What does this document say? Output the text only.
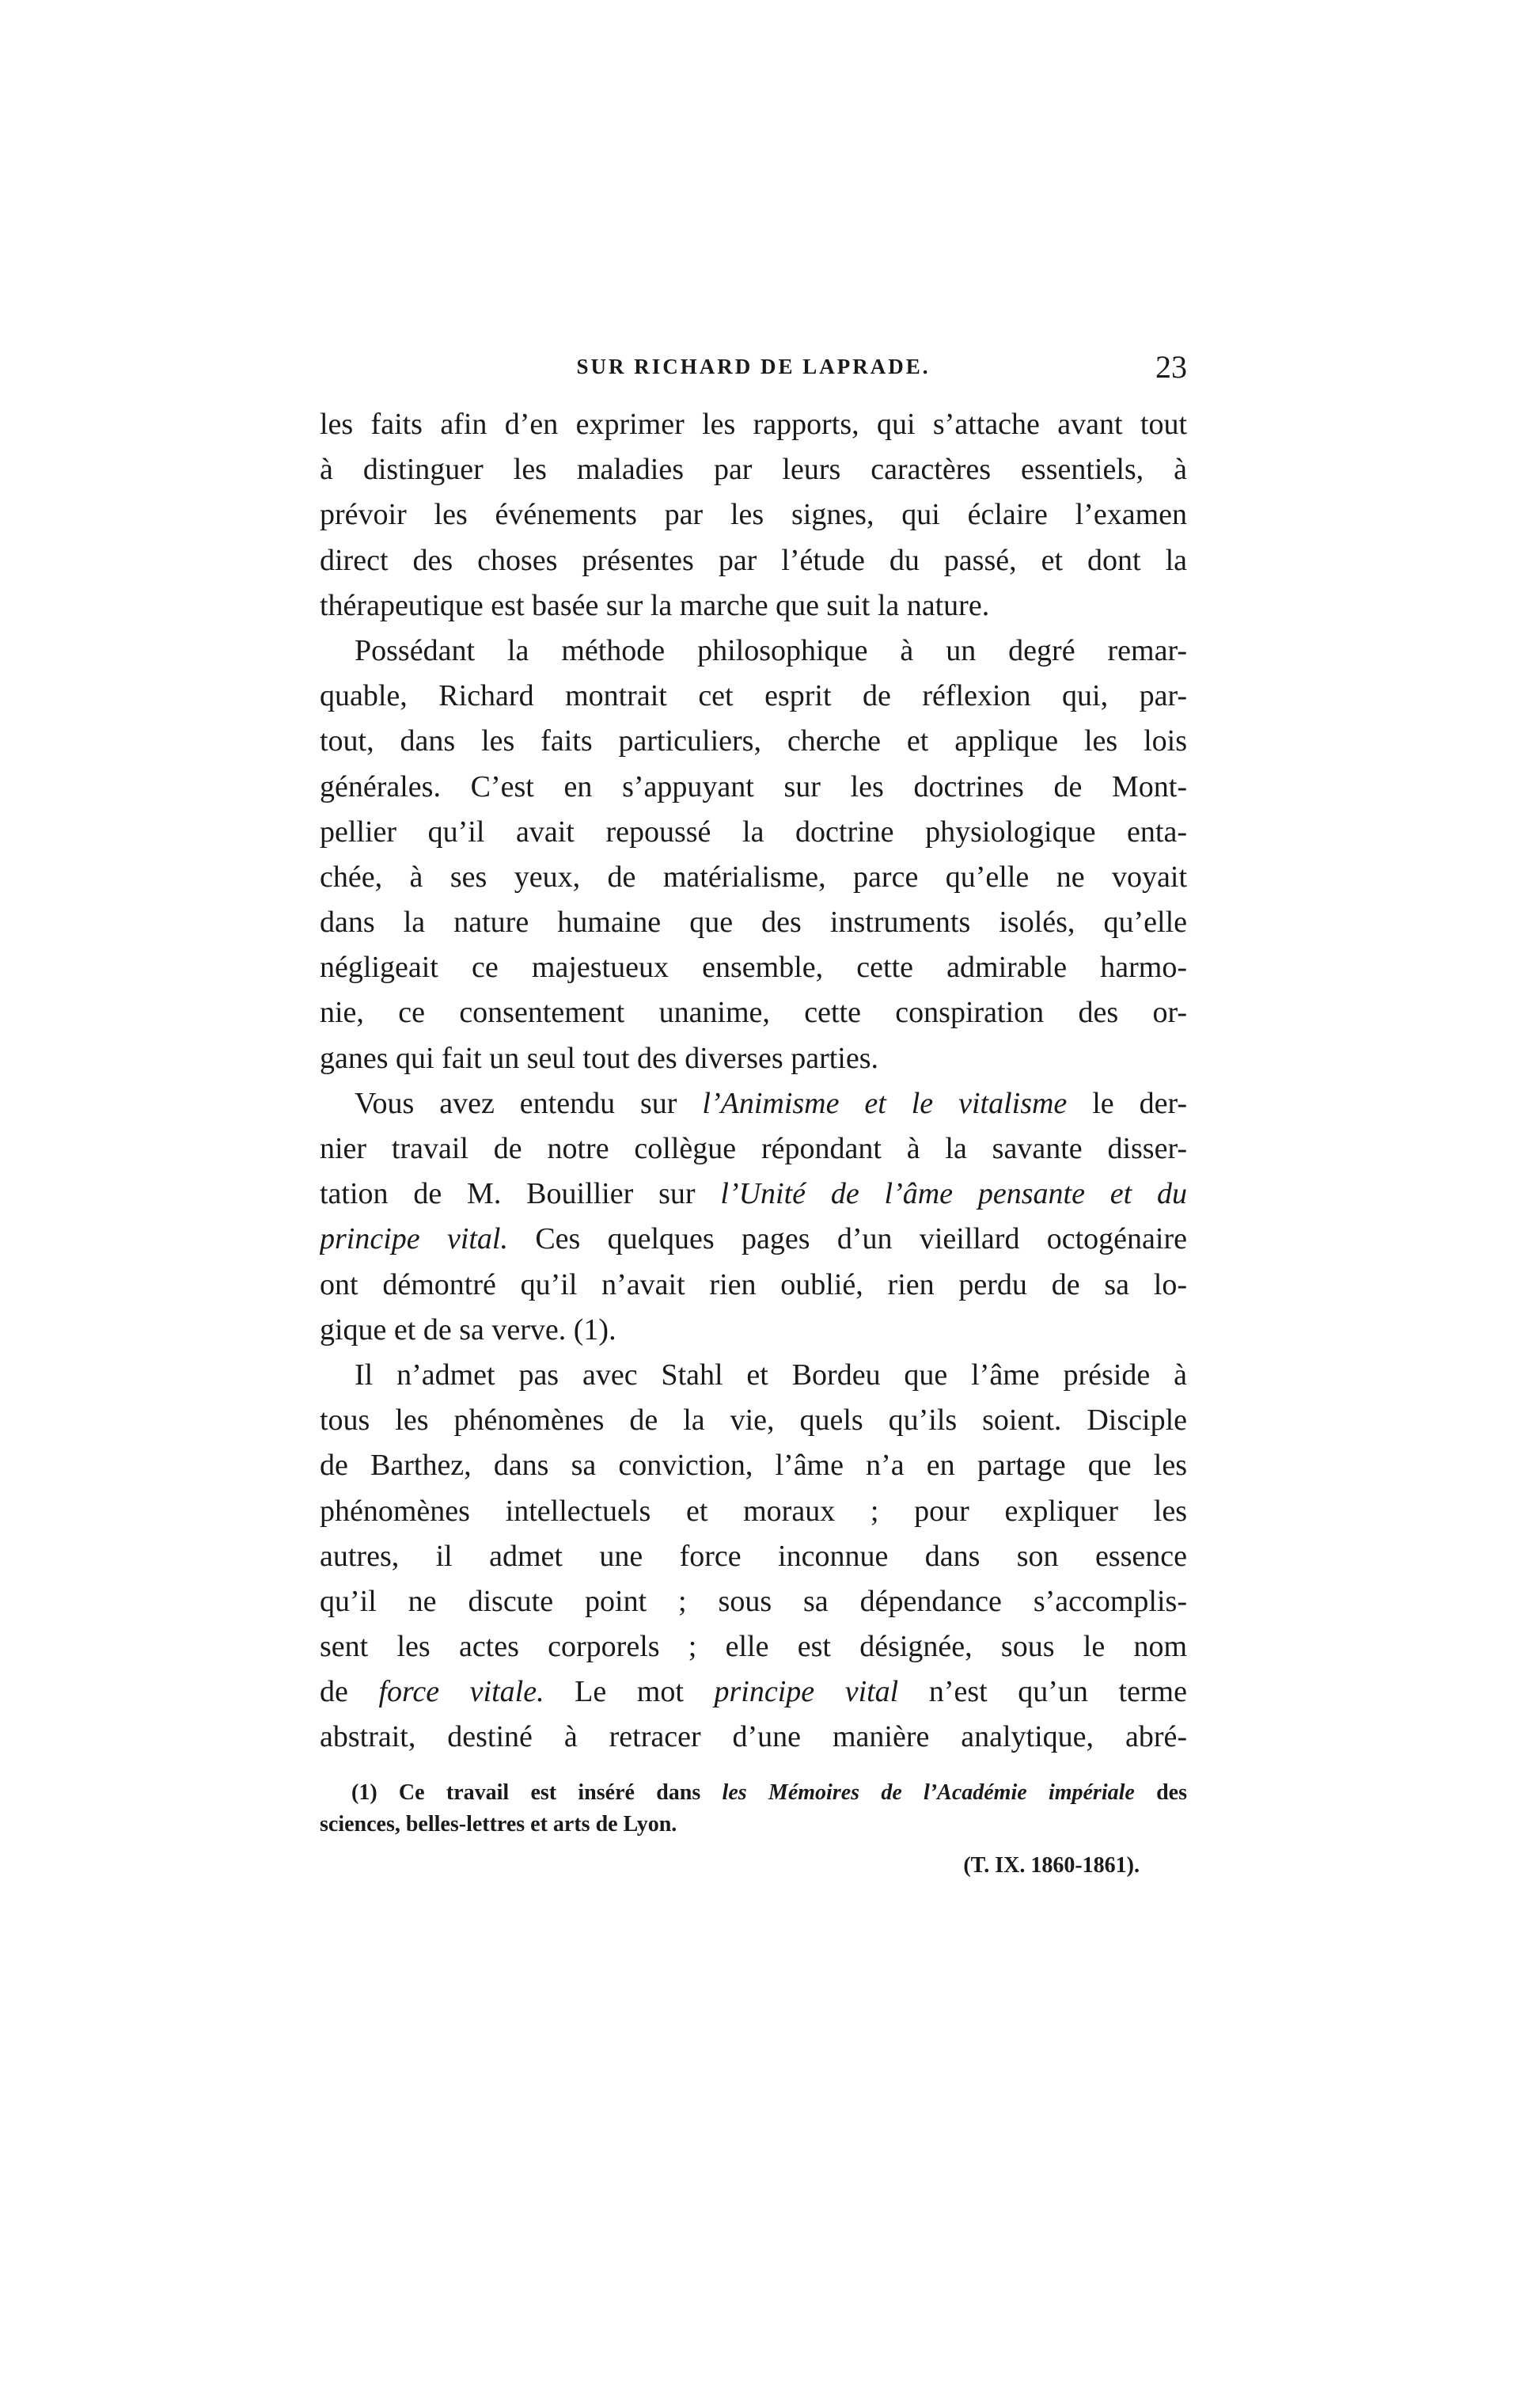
SUR RICHARD DE LAPRADE.	23
les faits afin d’en exprimer les rapports, qui s’attache avant tout
à distinguer les maladies par leurs caractères essentiels, à
prévoir les événements par les signes, qui éclaire l’examen
direct des choses présentes par l’étude du passé, et dont la
thérapeutique est basée sur la marche que suit la nature.
Possédant la méthode philosophique à un degré remar-
quable, Richard montrait cet esprit de réflexion qui, par-
tout, dans les faits particuliers, cherche et applique les lois
générales. C’est en s’appuyant sur les doctrines de Mont-
pellier qu’il avait repoussé la doctrine physiologique enta-
chée, à ses yeux, de matérialisme, parce qu’elle ne voyait
dans la nature humaine que des instruments isolés, qu’elle
négligeait ce majestueux ensemble, cette admirable harmo-
nie, ce consentement unanime, cette conspiration des or-
ganes qui fait un seul tout des diverses parties.
Vous avez entendu sur l’Animisme et le vitalisme le der-
nier travail de notre collègue répondant à la savante disser-
tation de M. Bouillier sur l’Unité de l’âme pensante et du
principe vital. Ces quelques pages d’un vieillard octogénaire
ont démontré qu’il n’avait rien oublié, rien perdu de sa lo-
gique et de sa verve. (1).
Il n’admet pas avec Stahl et Bordeu que l’âme préside à
tous les phénomènes de la vie, quels qu’ils soient. Disciple
de Barthez, dans sa conviction, l’âme n’a en partage que les
phénomènes intellectuels et moraux ; pour expliquer les
autres, il admet une force inconnue dans son essence
qu’il ne discute point ; sous sa dépendance s’accomplis-
sent les actes corporels ; elle est désignée, sous le nom
de force vitale. Le mot principe vital n’est qu’un terme
abstrait, destiné à retracer d’une manière analytique, abré-
(1) Ce travail est inséré dans les Mémoires de l’Académie impériale des
sciences, belles-lettres et arts de Lyon.
(T. IX. 1860-1861).
